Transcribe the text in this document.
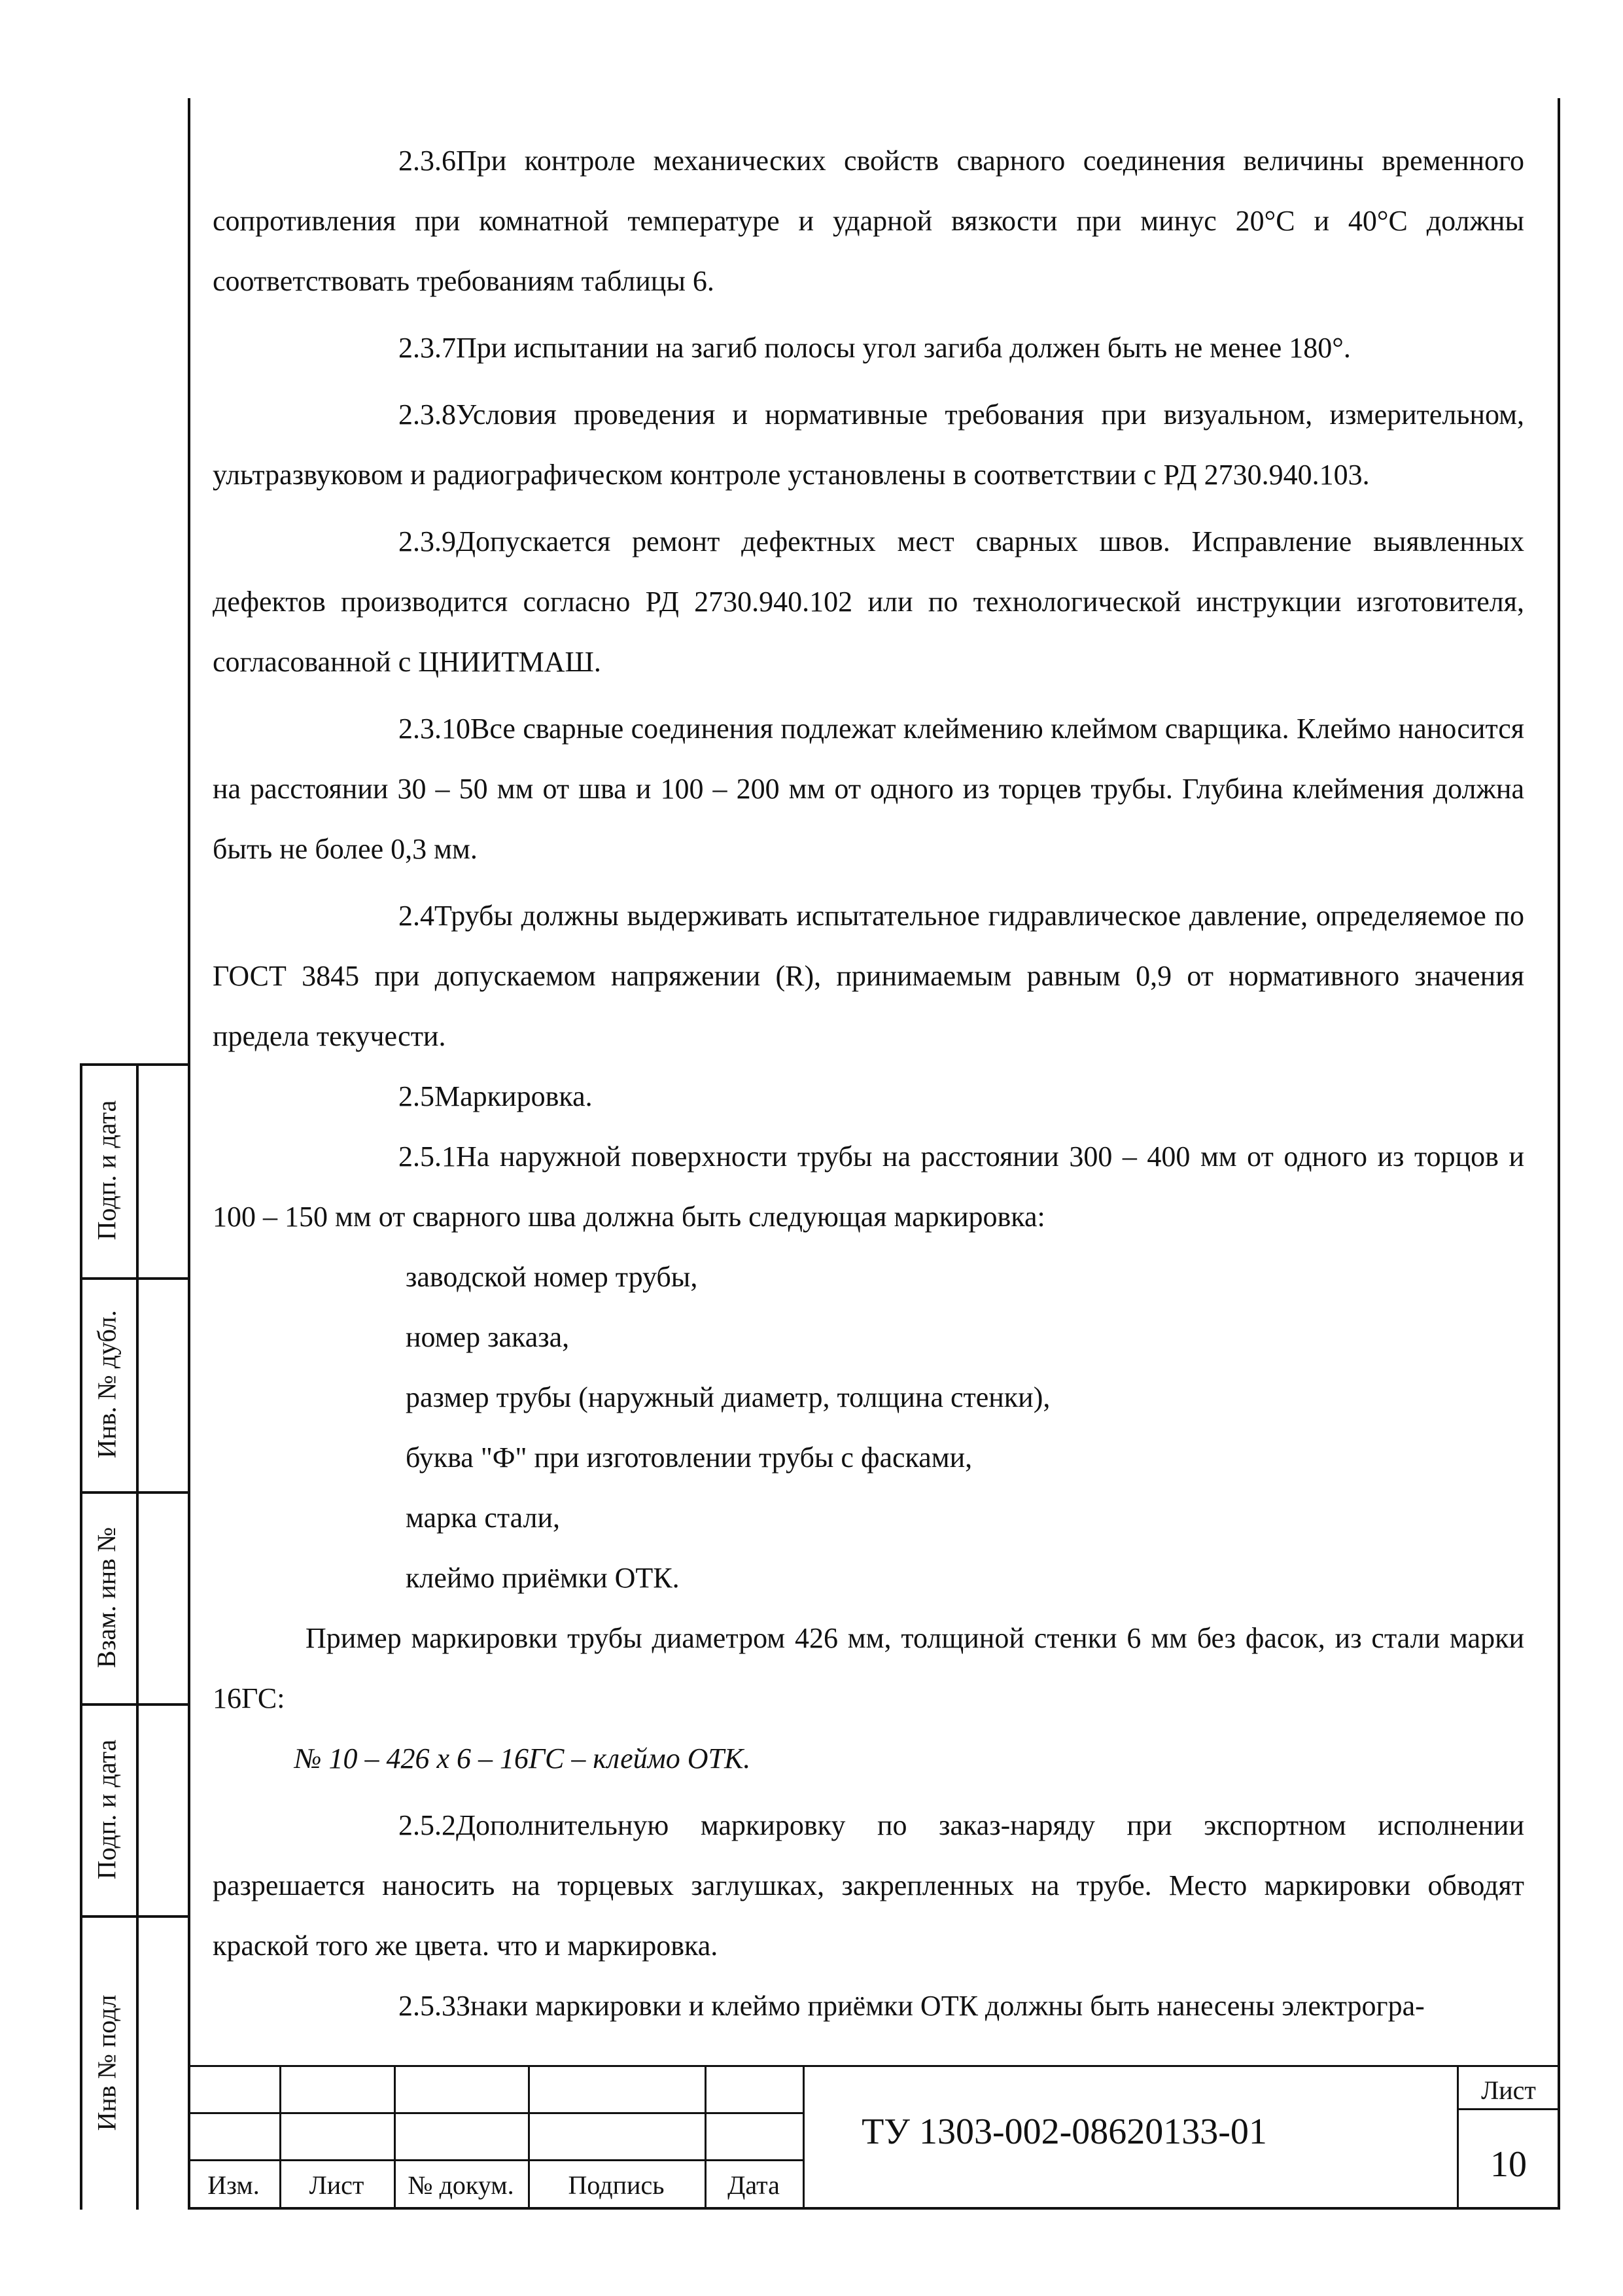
2.3.6При контроле механических свойств сварного соединения величины временного сопротивления при комнатной температуре и ударной вязкости при минус 20°С и 40°С должны соответствовать требованиям таблицы 6.

2.3.7При испытании на загиб полосы угол загиба должен быть не менее 180°.

2.3.8Условия проведения и нормативные требования при визуальном, измерительном, ультразвуковом и радиографическом контроле установлены в соответствии с РД 2730.940.103.

2.3.9Допускается ремонт дефектных мест сварных швов. Исправление выявленных дефектов производится согласно РД 2730.940.102 или по технологической инструкции изготовителя, согласованной с ЦНИИТМАШ.

2.3.10Все сварные соединения подлежат клеймению клеймом сварщика. Клеймо наносится на расстоянии 30 – 50 мм от шва и 100 – 200 мм от одного из торцев трубы. Глубина клеймения должна быть не более 0,3 мм.

2.4Трубы должны выдерживать испытательное гидравлическое давление, определяемое по ГОСТ 3845 при допускаемом напряжении (R), принимаемым равным 0,9 от нормативного значения предела текучести.

2.5Маркировка.

2.5.1На наружной поверхности трубы на расстоянии 300 – 400 мм от одного из торцов и 100 – 150 мм от сварного шва должна быть следующая маркировка:

заводской номер трубы,

номер заказа,

размер трубы (наружный диаметр, толщина стенки),

буква "Ф" при изготовлении трубы с фасками,

марка стали,

клеймо приёмки ОТК.

Пример маркировки трубы диаметром 426 мм, толщиной стенки 6 мм без фасок, из стали марки 16ГС:

№ 10 – 426 х 6 – 16ГС – клеймо ОТК.

2.5.2Дополнительную маркировку по заказ-наряду при экспортном исполнении разрешается наносить на торцевых заглушках, закрепленных на трубе. Место маркировки обводят краской того же цвета. что и маркировка.

2.5.3Знаки маркировки и клеймо приёмки ОТК должны быть нанесены электрогра-

Подп. и дата
Инв. № дубл.
Взам. инв №
Подп. и дата
Инв № подл
Изм.	Лист	№ докум.	Подпись	Дата
ТУ 1303-002-08620133-01
Лист
10
